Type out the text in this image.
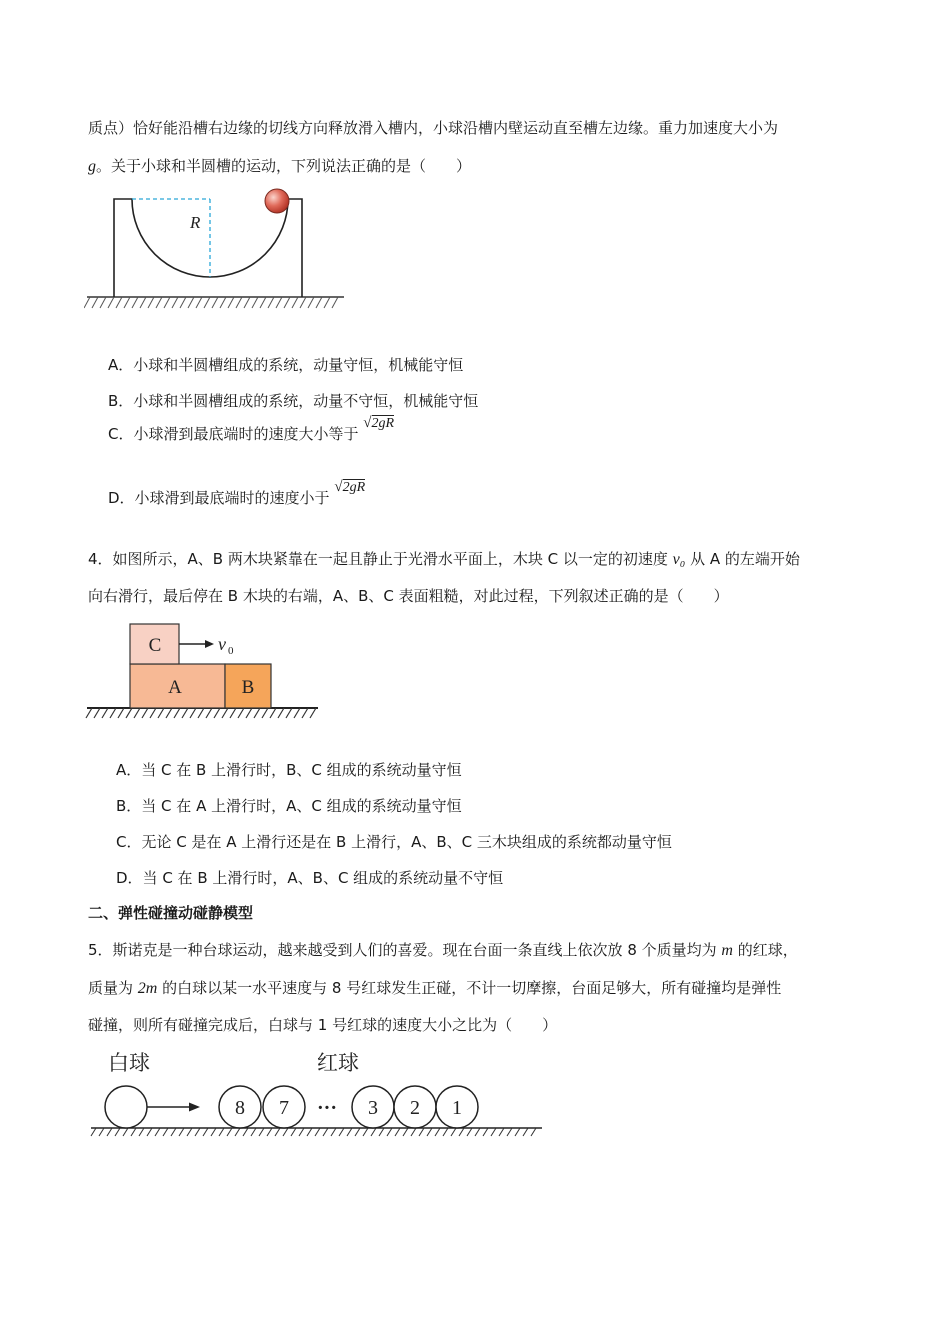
质点）恰好能沿槽右边缘的切线方向释放滑入槽内，小球沿槽内壁运动直至槽左边缘。重力加速度大小为
g。关于小球和半圆槽的运动，下列说法正确的是（　　）
R
A．小球和半圆槽组成的系统，动量守恒，机械能守恒
B．小球和半圆槽组成的系统，动量不守恒，机械能守恒
C．小球滑到最底端时的速度大小等于 √2gR
D．小球滑到最底端时的速度小于 √2gR
4．如图所示，A、B 两木块紧靠在一起且静止于光滑水平面上，木块 C 以一定的初速度 v₀ 从 A 的左端开始
向右滑行，最后停在 B 木块的右端，A、B、C 表面粗糙，对此过程，下列叙述正确的是（　　）
C
A	B
v 0
A．当 C 在 B 上滑行时，B、C 组成的系统动量守恒
B．当 C 在 A 上滑行时，A、C 组成的系统动量守恒
C．无论 C 是在 A 上滑行还是在 B 上滑行，A、B、C 三木块组成的系统都动量守恒
D．当 C 在 B 上滑行时，A、B、C 组成的系统动量不守恒
二、弹性碰撞动碰静模型
5．斯诺克是一种台球运动，越来越受到人们的喜爱。现在台面一条直线上依次放 8 个质量均为 m 的红球，
质量为 2m 的白球以某一水平速度与 8 号红球发生正碰，不计一切摩擦，台面足够大，所有碰撞均是弹性
碰撞，则所有碰撞完成后，白球与 1 号红球的速度大小之比为（　　）
白球	红球
8 7 ··· 3 2 1
